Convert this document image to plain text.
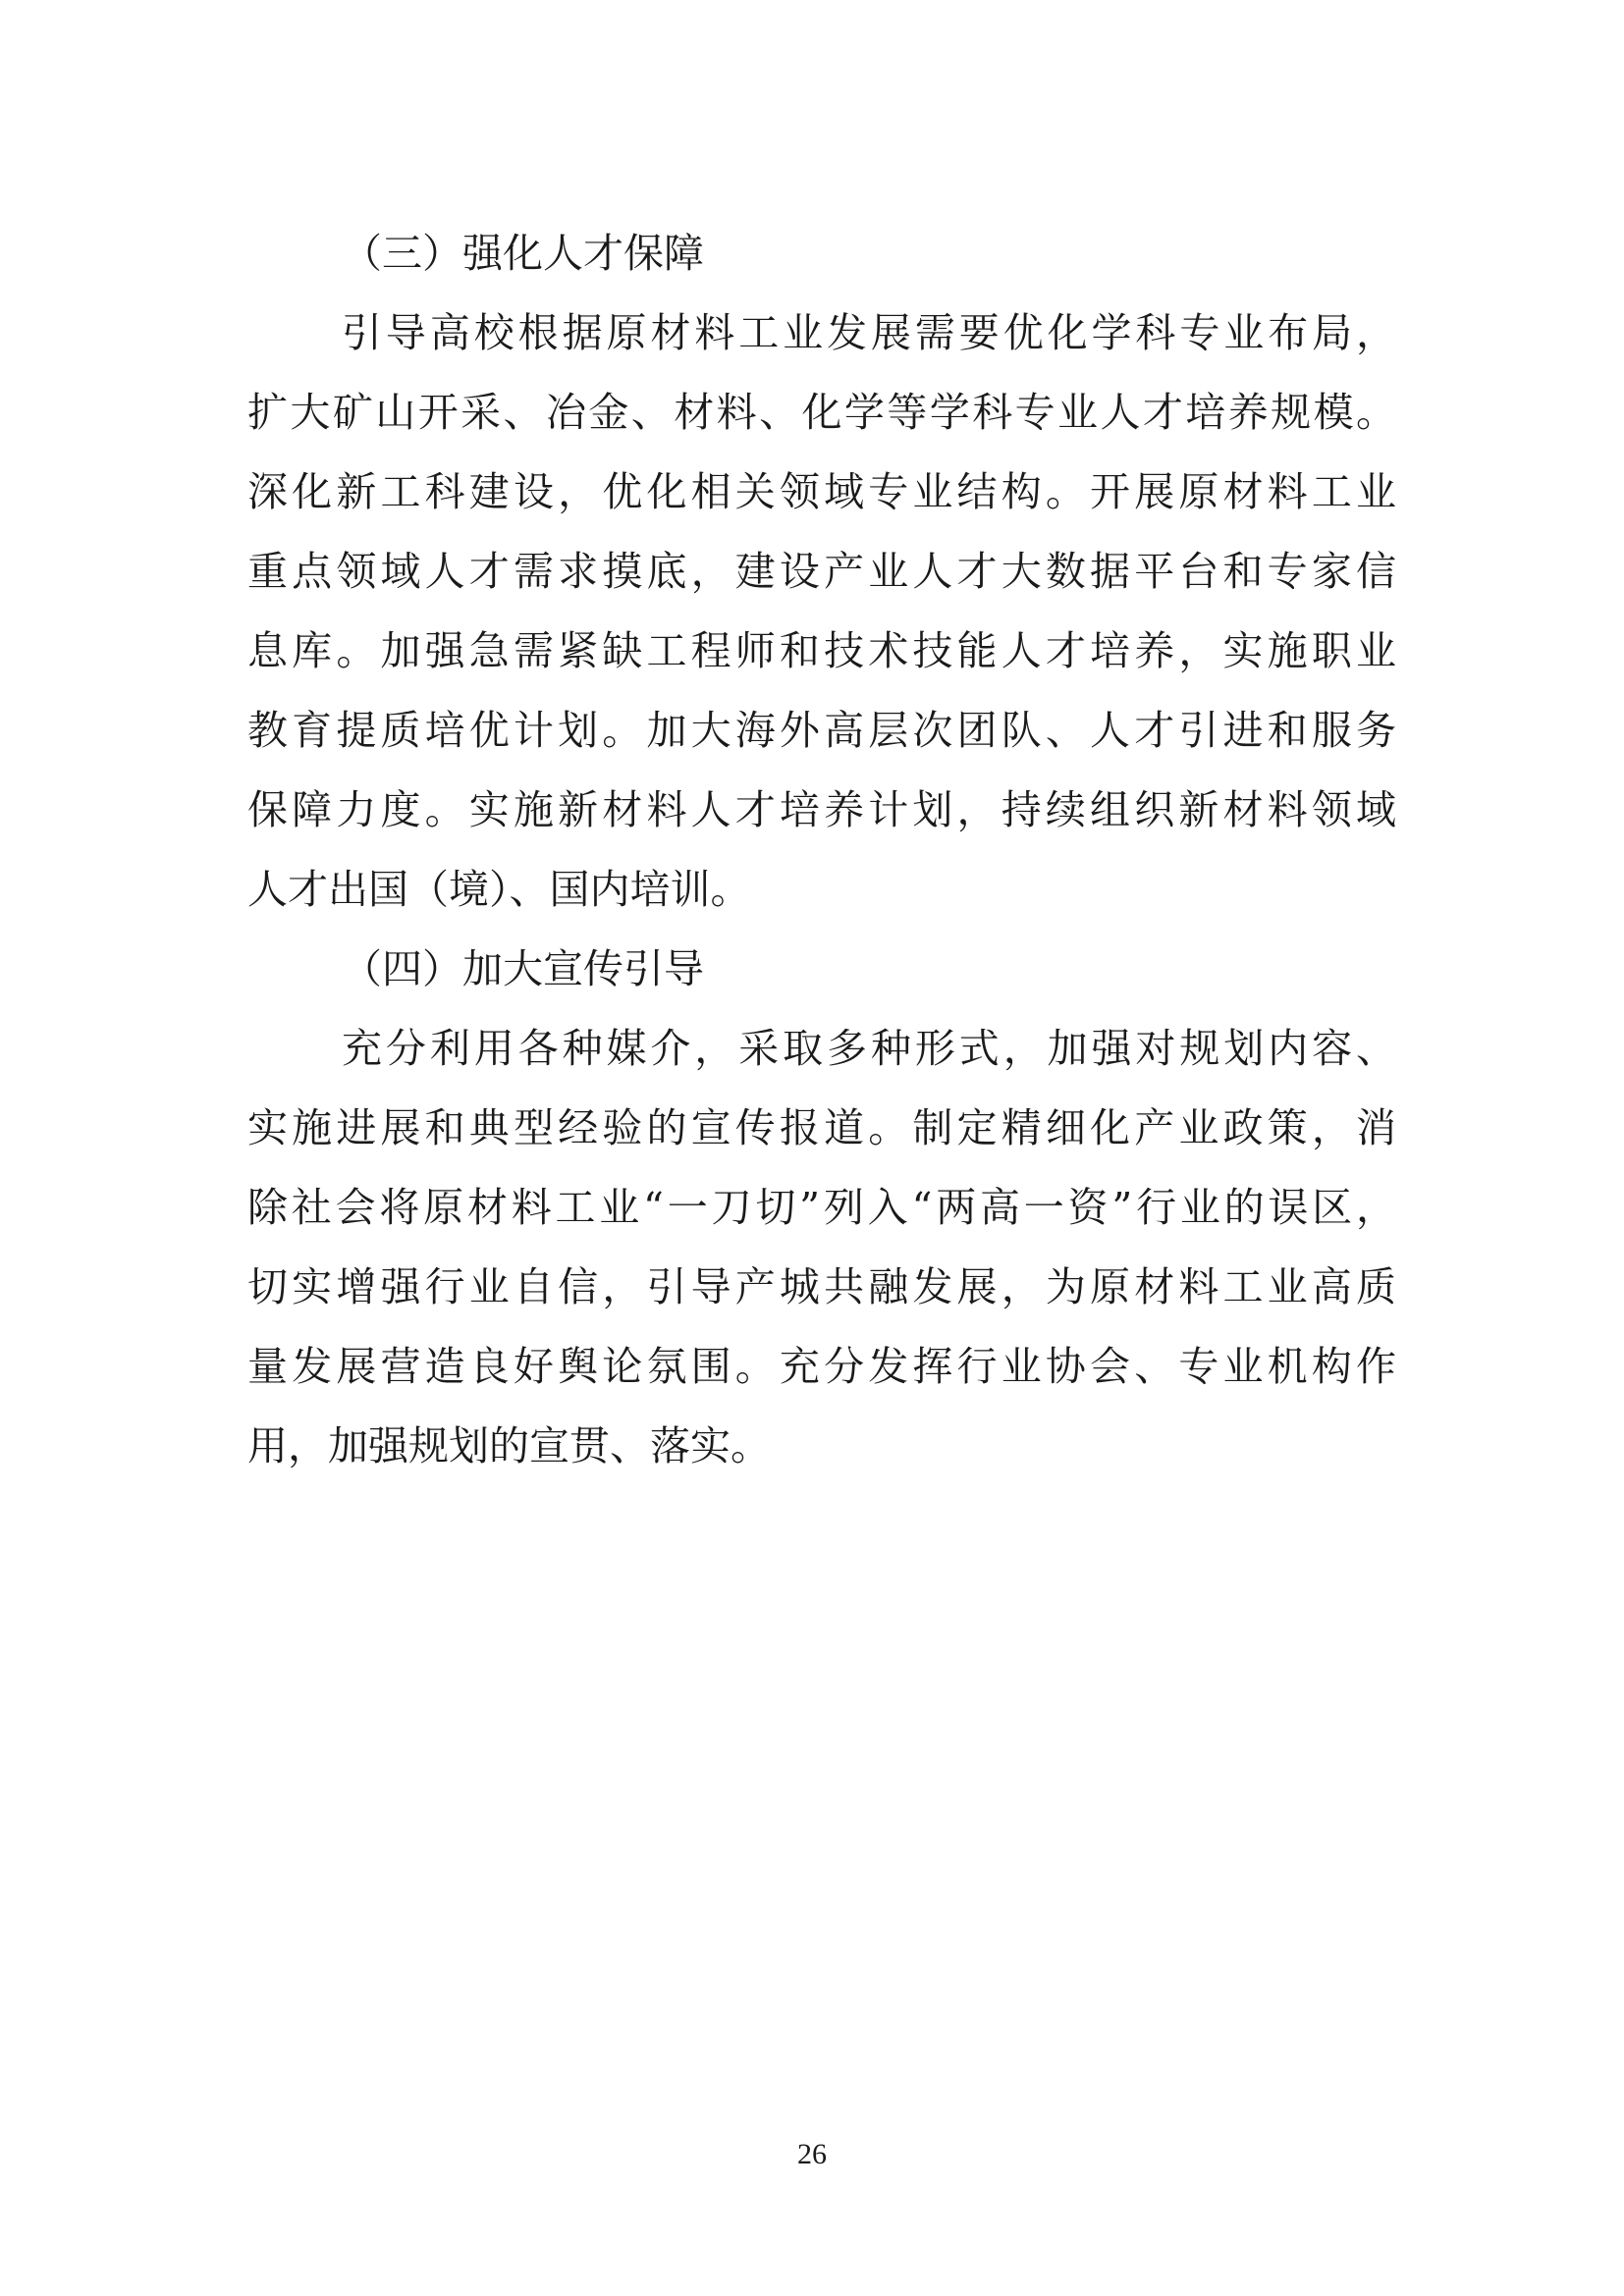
（三）强化人才保障
引导高校根据原材料工业发展需要优化学科专业布局，
扩大矿山开采、冶金、材料、化学等学科专业人才培养规模。
深化新工科建设，优化相关领域专业结构。开展原材料工业
重点领域人才需求摸底，建设产业人才大数据平台和专家信
息库。加强急需紧缺工程师和技术技能人才培养，实施职业
教育提质培优计划。加大海外高层次团队、人才引进和服务
保障力度。实施新材料人才培养计划，持续组织新材料领域
人才出国（境）、国内培训。
（四）加大宣传引导
充分利用各种媒介，采取多种形式，加强对规划内容、
实施进展和典型经验的宣传报道。制定精细化产业政策，消
除社会将原材料工业“一刀切”列入“两高一资”行业的误区，
切实增强行业自信，引导产城共融发展，为原材料工业高质
量发展营造良好舆论氛围。充分发挥行业协会、专业机构作
用，加强规划的宣贯、落实。
26
